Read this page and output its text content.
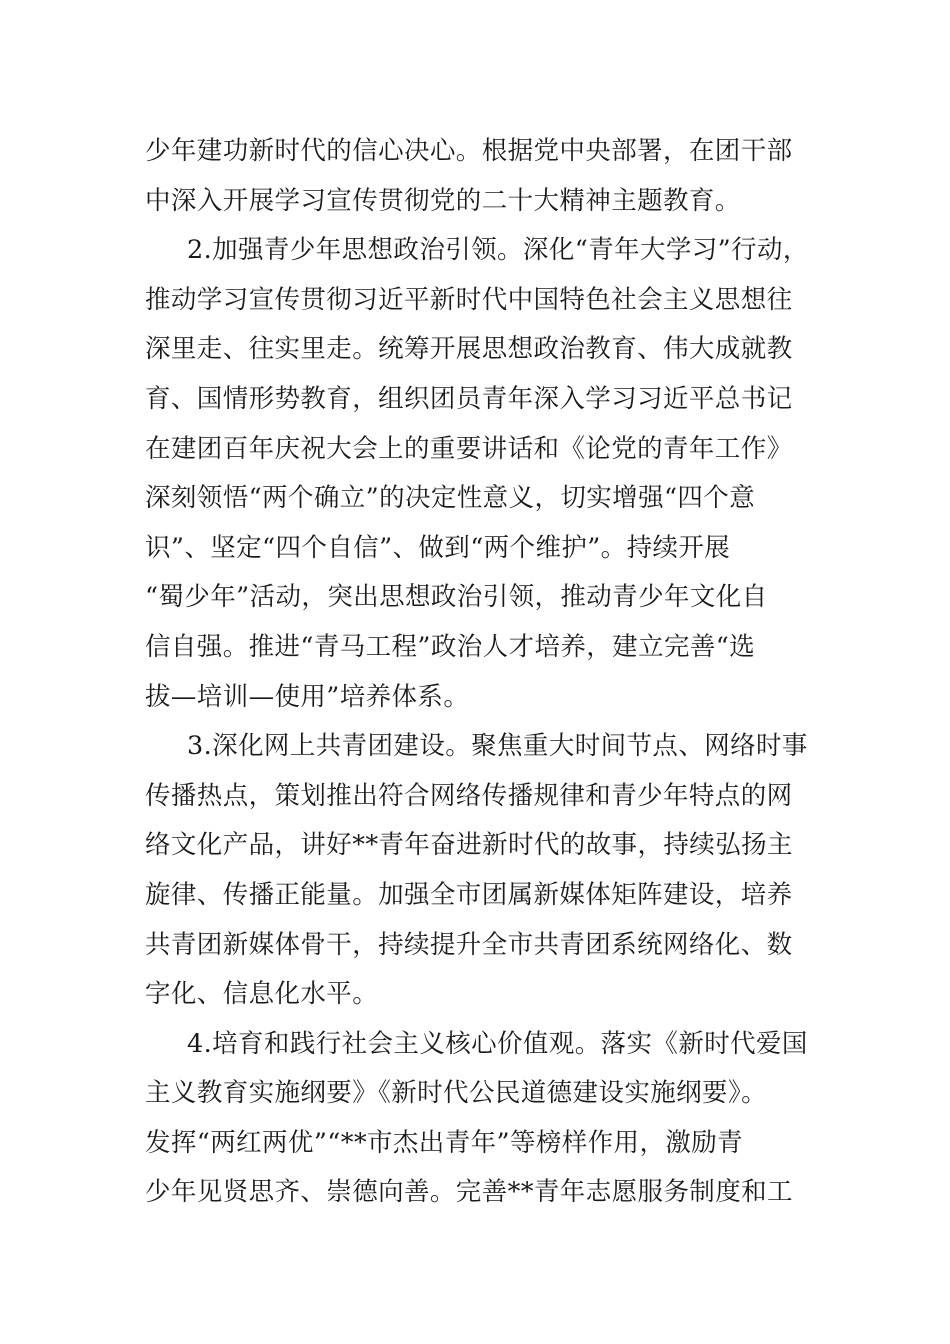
少年建功新时代的信心决心。根据党中央部署，在团干部
中深入开展学习宣传贯彻党的二十大精神主题教育。
2.加强青少年思想政治引领。深化“青年大学习”行动，
推动学习宣传贯彻习近平新时代中国特色社会主义思想往
深里走、往实里走。统筹开展思想政治教育、伟大成就教
育、国情形势教育，组织团员青年深入学习习近平总书记
在建团百年庆祝大会上的重要讲话和《论党的青年工作》
深刻领悟“两个确立”的决定性意义，切实增强“四个意
识”、坚定“四个自信”、做到“两个维护”。持续开展
“蜀少年”活动，突出思想政治引领，推动青少年文化自
信自强。推进“青马工程”政治人才培养，建立完善“选
拔—培训—使用”培养体系。
3.深化网上共青团建设。聚焦重大时间节点、网络时事
传播热点，策划推出符合网络传播规律和青少年特点的网
络文化产品，讲好**青年奋进新时代的故事，持续弘扬主
旋律、传播正能量。加强全市团属新媒体矩阵建设，培养
共青团新媒体骨干，持续提升全市共青团系统网络化、数
字化、信息化水平。
4.培育和践行社会主义核心价值观。落实《新时代爱国
主义教育实施纲要》《新时代公民道德建设实施纲要》。
发挥“两红两优”“**市杰出青年”等榜样作用，激励青
少年见贤思齐、崇德向善。完善**青年志愿服务制度和工
